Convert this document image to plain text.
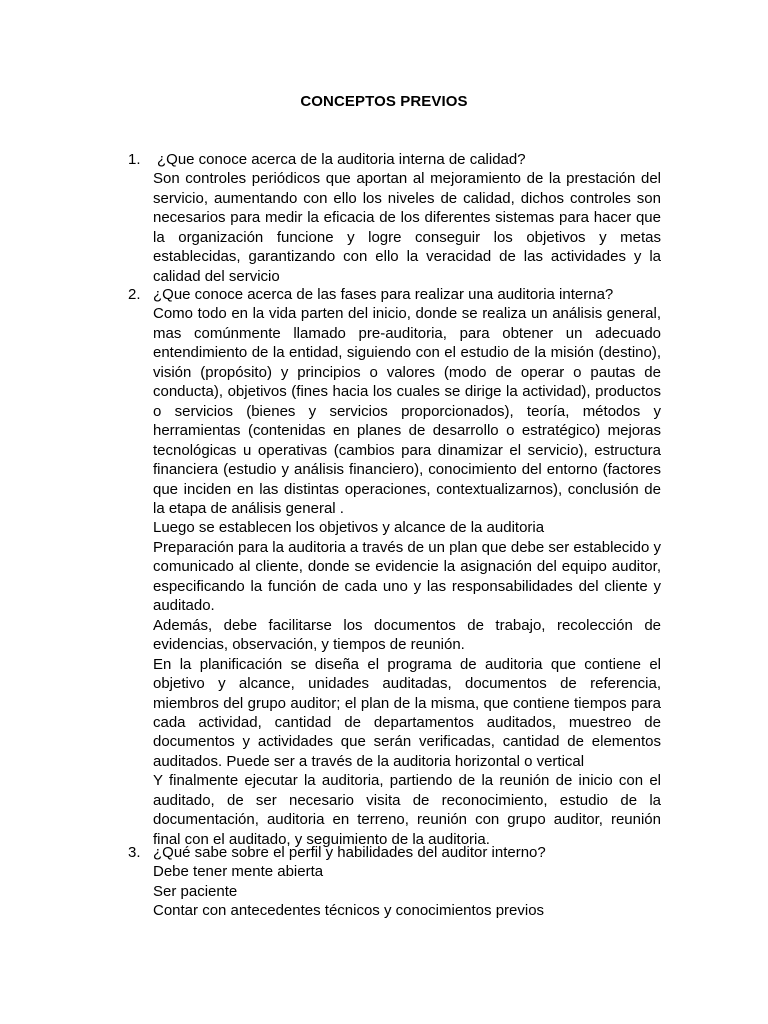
CONCEPTOS PREVIOS
1. ¿Que conoce acerca de la auditoria interna de calidad?
Son controles periódicos que aportan al mejoramiento de la prestación del servicio, aumentando con ello los niveles de calidad, dichos controles son necesarios para medir la eficacia de los diferentes sistemas para hacer que la organización funcione y logre conseguir los objetivos y metas establecidas, garantizando con ello la veracidad de las actividades y la calidad del servicio
2. ¿Que conoce acerca de las fases para realizar una auditoria interna?
Como todo en la vida parten del inicio, donde se realiza un análisis general, mas comúnmente llamado pre-auditoria, para obtener un adecuado entendimiento de la entidad, siguiendo con el estudio de la misión (destino), visión (propósito) y principios o valores (modo de operar o pautas de conducta), objetivos (fines hacia los cuales se dirige la actividad), productos o servicios (bienes y servicios proporcionados), teoría, métodos y herramientas (contenidas en planes de desarrollo o estratégico) mejoras tecnológicas u operativas (cambios para dinamizar el servicio), estructura financiera (estudio y análisis financiero), conocimiento del entorno (factores que inciden en las distintas operaciones, contextualizarnos), conclusión de la etapa de análisis general .
Luego se establecen los objetivos y alcance de la auditoria
Preparación para la auditoria a través de un plan que debe ser establecido y comunicado al cliente, donde se evidencie la asignación del equipo auditor, especificando la función de cada uno y las responsabilidades del cliente y auditado.
Además, debe facilitarse los documentos de trabajo, recolección de evidencias, observación, y tiempos de reunión.
En la planificación se diseña el programa de auditoria que contiene el objetivo y alcance, unidades auditadas, documentos de referencia, miembros del grupo auditor; el plan de la misma, que contiene tiempos para cada actividad, cantidad de departamentos auditados, muestreo de documentos y actividades que serán verificadas, cantidad de elementos auditados. Puede ser a través de la auditoria horizontal o vertical
Y finalmente ejecutar la auditoria, partiendo de la reunión de inicio con el auditado, de ser necesario visita de reconocimiento, estudio de la documentación, auditoria en terreno, reunión con grupo auditor, reunión final con el auditado, y seguimiento de la auditoria.
3. ¿Qué sabe sobre el perfil y habilidades del auditor interno?
Debe tener mente abierta
Ser paciente
Contar con antecedentes técnicos y conocimientos previos
